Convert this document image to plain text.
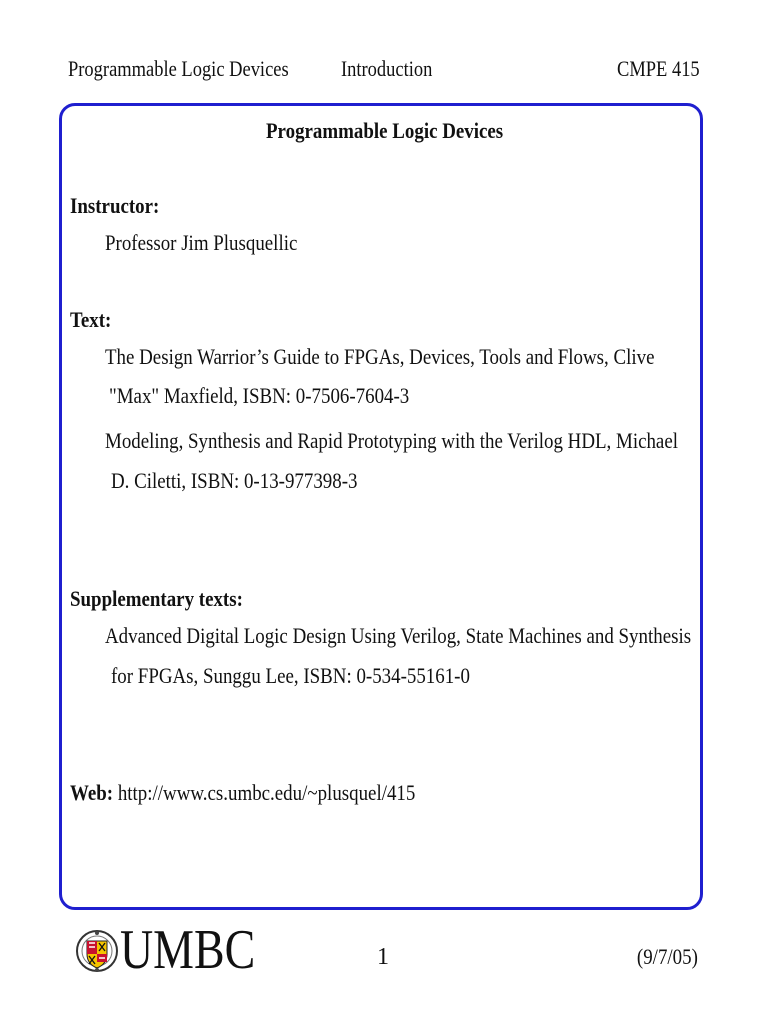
Programmable Logic Devices Introduction	CMPE 415
Programmable Logic Devices
Instructor:
Professor Jim Plusquellic
Text:
The Design Warrior’s Guide to FPGAs, Devices, Tools and Flows, Clive
"Max" Maxfield, ISBN: 0-7506-7604-3
Modeling, Synthesis and Rapid Prototyping with the Verilog HDL, Michael
D. Ciletti, ISBN: 0-13-977398-3
Supplementary texts:
Advanced Digital Logic Design Using Verilog, State Machines and Synthesis
for FPGAs, Sunggu Lee, ISBN: 0-534-55161-0
Web: http://www.cs.umbc.edu/~plusquel/415
UMBC	1	(9/7/05)
